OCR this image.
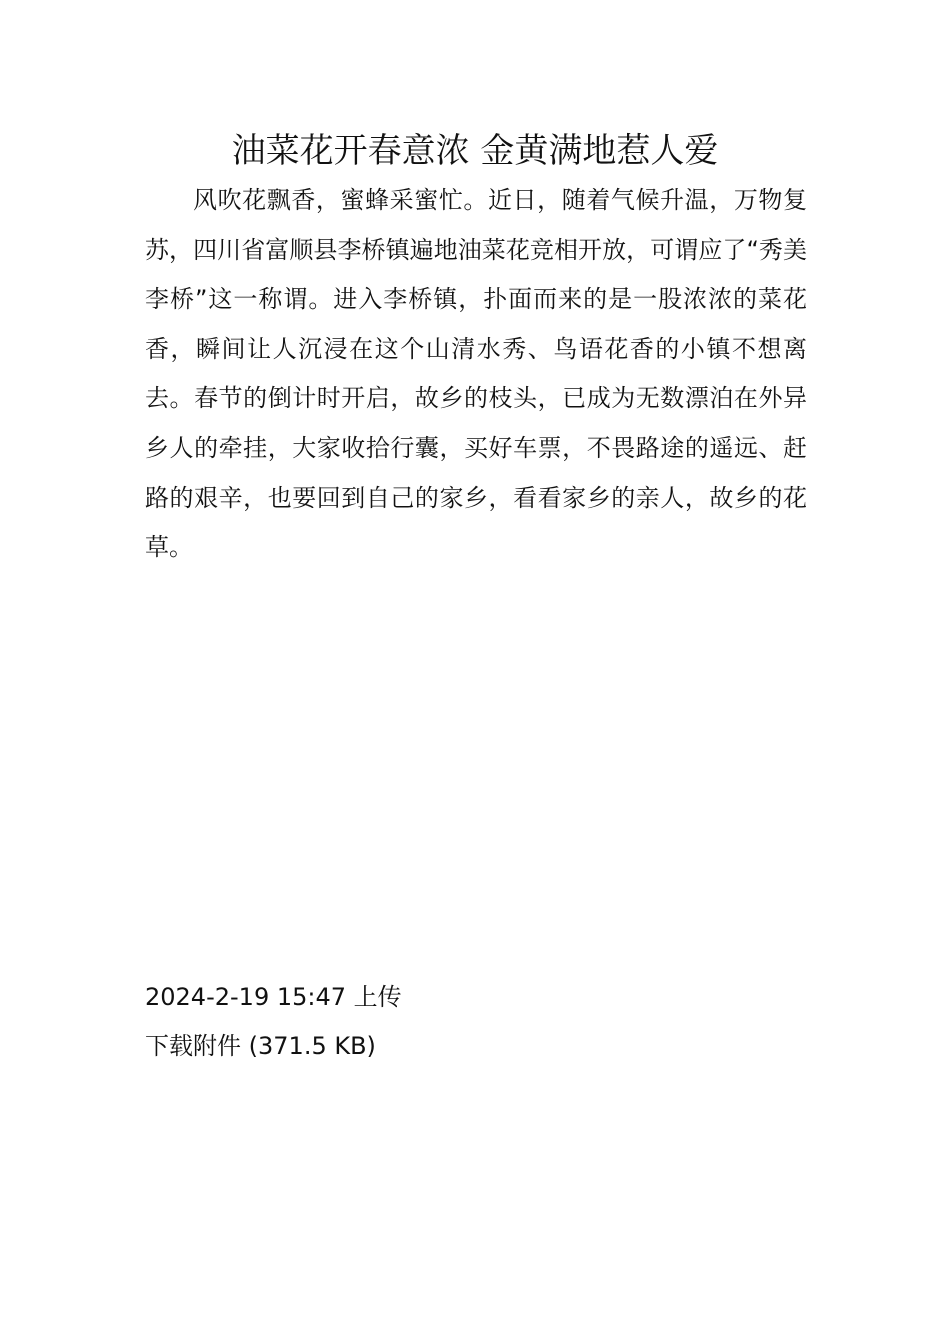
油菜花开春意浓 金黄满地惹人爱

风吹花飘香，蜜蜂采蜜忙。近日，随着气候升温，万物复苏，四川省富顺县李桥镇遍地油菜花竞相开放，可谓应了“秀美李桥”这一称谓。进入李桥镇，扑面而来的是一股浓浓的菜花香，瞬间让人沉浸在这个山清水秀、鸟语花香的小镇不想离去。春节的倒计时开启，故乡的枝头，已成为无数漂泊在外异乡人的牵挂，大家收拾行囊，买好车票，不畏路途的遥远、赶路的艰辛，也要回到自己的家乡，看看家乡的亲人，故乡的花草。

2024-2-19 15:47 上传
下载附件 (371.5 KB)
